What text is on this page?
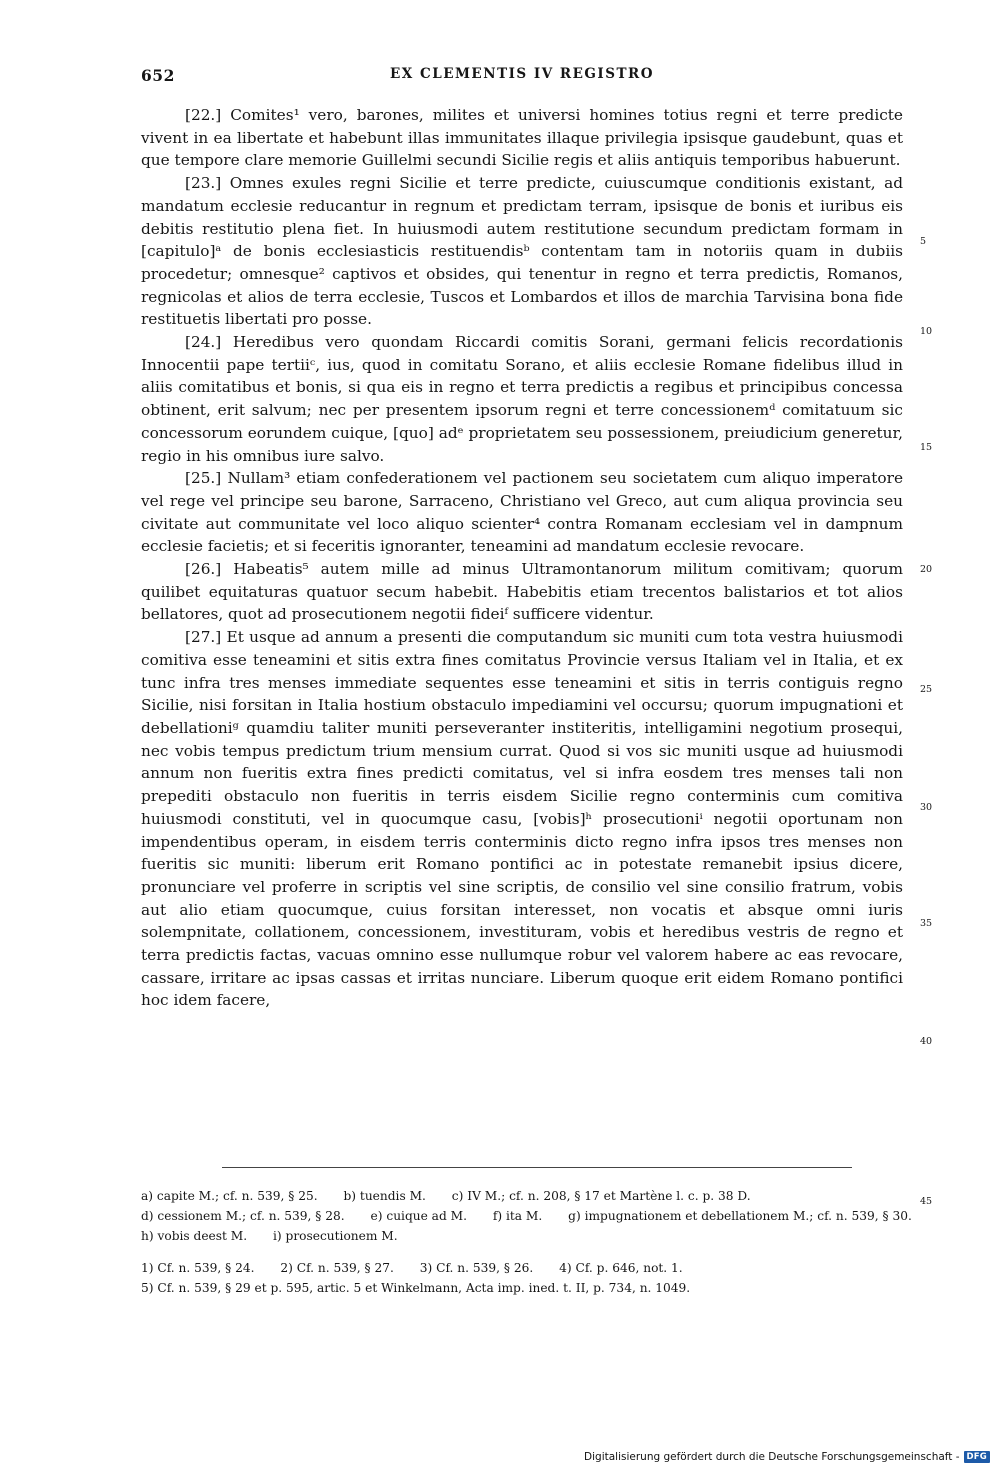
652	EX CLEMENTIS IV REGISTRO

[22.] Comites¹ vero, barones, milites et universi homines totius regni et terre predicte vivent in ea libertate et habebunt illas immunitates illaque privilegia ipsisque gaudebunt, quas et que tempore clare memorie Guillelmi secundi Sicilie regis et aliis antiquis temporibus habuerunt.

[23.] Omnes exules regni Sicilie et terre predicte, cuiuscumque conditionis existant, ad mandatum ecclesie reducantur in regnum et predictam terram, ipsisque de bonis et iuribus eis debitis restitutio plena fiet. In huiusmodi autem restitutione secundum predictam formam in [capitulo]ᵃ de bonis ecclesiasticis restituendisᵇ contentam tam in notoriis quam in dubiis procedetur; omnesque² captivos et obsides, qui tenentur in regno et terra predictis, Romanos, regnicolas et alios de terra ecclesie, Tuscos et Lombardos et illos de marchia Tarvisina bona fide restituetis libertati pro posse.

[24.] Heredibus vero quondam Riccardi comitis Sorani, germani felicis recordationis Innocentii pape tertiiᶜ, ius, quod in comitatu Sorano, et aliis ecclesie Romane fidelibus illud in aliis comitatibus et bonis, si qua eis in regno et terra predictis a regibus et principibus concessa obtinent, erit salvum; nec per presentem ipsorum regni et terre concessionemᵈ comitatuum sic concessorum eorundem cuique, [quo] adᵉ proprietatem seu possessionem, preiudicium generetur, regio in his omnibus iure salvo.

[25.] Nullam³ etiam confederationem vel pactionem seu societatem cum aliquo imperatore vel rege vel principe seu barone, Sarraceno, Christiano vel Greco, aut cum aliqua provincia seu civitate aut communitate vel loco aliquo scienter⁴ contra Romanam ecclesiam vel in dampnum ecclesie facietis; et si feceritis ignoranter, teneamini ad mandatum ecclesie revocare.

[26.] Habeatis⁵ autem mille ad minus Ultramontanorum militum comitivam; quorum quilibet equitaturas quatuor secum habebit. Habebitis etiam trecentos balistarios et tot alios bellatores, quot ad prosecutionem negotii fideiᶠ sufficere videntur.

[27.] Et usque ad annum a presenti die computandum sic muniti cum tota vestra huiusmodi comitiva esse teneamini et sitis extra fines comitatus Provincie versus Italiam vel in Italia, et ex tunc infra tres menses immediate sequentes esse teneamini et sitis in terris contiguis regno Sicilie, nisi forsitan in Italia hostium obstaculo impediamini vel occursu; quorum impugnationi et debellationiᵍ quamdiu taliter muniti perseveranter institeritis, intelligamini negotium prosequi, nec vobis tempus predictum trium mensium currat. Quod si vos sic muniti usque ad huiusmodi annum non fueritis extra fines predicti comitatus, vel si infra eosdem tres menses tali non prepediti obstaculo non fueritis in terris eisdem Sicilie regno conterminis cum comitiva huiusmodi constituti, vel in quocumque casu, [vobis]ʰ prosecutioniⁱ negotii oportunam non impendentibus operam, in eisdem terris conterminis dicto regno infra ipsos tres menses non fueritis sic muniti: liberum erit Romano pontifici ac in potestate remanebit ipsius dicere, pronunciare vel proferre in scriptis vel sine scriptis, de consilio vel sine consilio fratrum, vobis aut alio etiam quocumque, cuius forsitan interesset, non vocatis et absque omni iuris solempnitate, collationem, concessionem, investituram, vobis et heredibus vestris de regno et terra predictis factas, vacuas omnino esse nullumque robur vel valorem habere ac eas revocare, cassare, irritare ac ipsas cassas et irritas nunciare. Liberum quoque erit eidem Romano pontifici hoc idem facere,

5
10
15
20
25
30
35
40
45
a) capite M.; cf. n. 539, § 25. b) tuendis M. c) IV M.; cf. n. 208, § 17 et Martène l. c. p. 38 D.
d) cessionem M.; cf. n. 539, § 28. e) cuique ad M. f) ita M. g) impugnationem et debellationem M.; cf. n. 539, § 30.
h) vobis deest M. i) prosecutionem M.
1) Cf. n. 539, § 24. 2) Cf. n. 539, § 27. 3) Cf. n. 539, § 26. 4) Cf. p. 646, not. 1.
5) Cf. n. 539, § 29 et p. 595, artic. 5 et Winkelmann, Acta imp. ined. t. II, p. 734, n. 1049.
Digitalisierung gefördert durch die Deutsche Forschungsgemeinschaft - DFG
